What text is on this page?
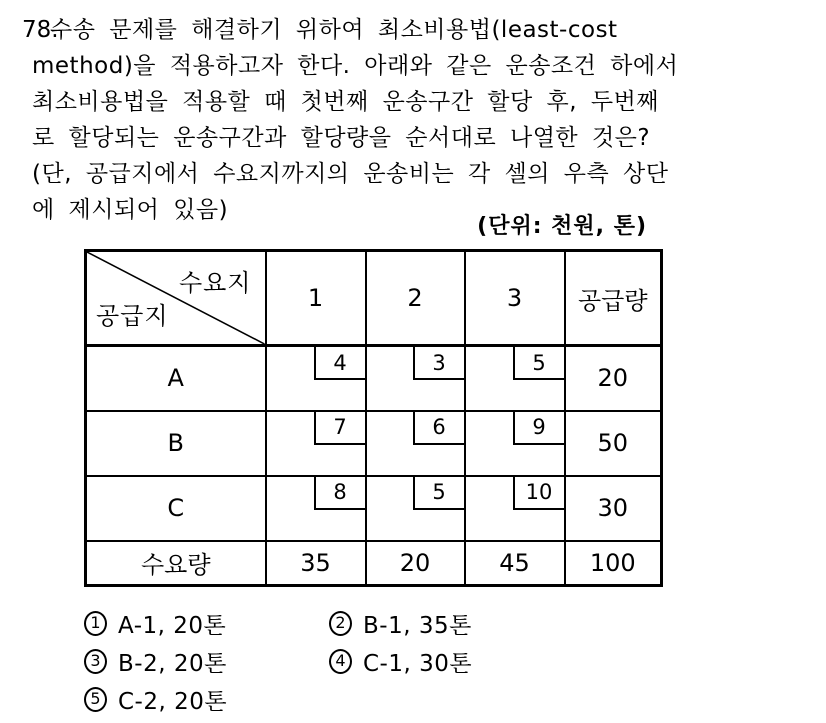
78.
수송 문제를 해결하기 위하여 최소비용법(least-cost
method)을 적용하고자 한다. 아래와 같은 운송조건 하에서
최소비용법을 적용할 때 첫번째 운송구간 할당 후, 두번째
로 할당되는 운송구간과 할당량을 순서대로 나열한 것은?
(단, 공급지에서 수요지까지의 운송비는 각 셀의 우측 상단
에 제시되어 있음)
(단위: 천원, 톤)
수요지
공급지	1	2	3	공급량
A	4	3	5	20
B	7	6	9	50
C	8	5	10	30
수요량	35	20	45	100
1 A-1, 20톤	2 B-1, 35톤
3 B-2, 20톤	4 C-1, 30톤
5 C-2, 20톤
